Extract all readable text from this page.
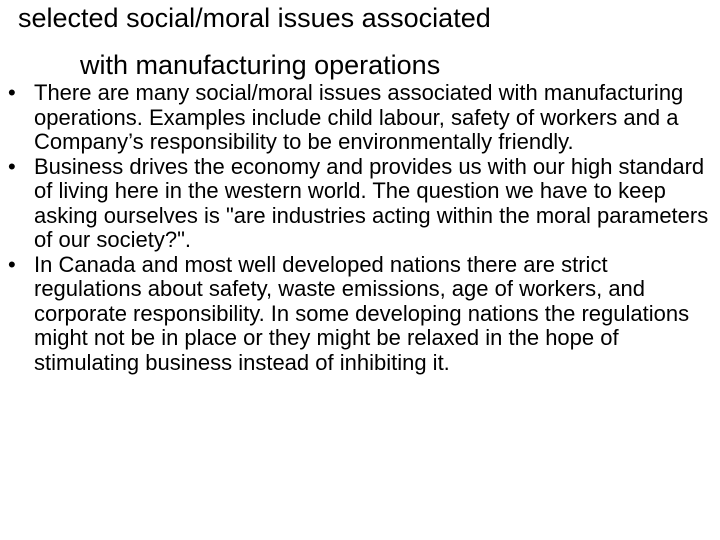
selected social/moral issues associated
with manufacturing operations
• There are many social/moral issues associated with manufacturing operations. Examples include child labour, safety of workers and a Company’s responsibility to be environmentally friendly.
• Business drives the economy and provides us with our high standard of living here in the western world. The question we have to keep asking ourselves is "are industries acting within the moral parameters of our society?".
• In Canada and most well developed nations there are strict regulations about safety, waste emissions, age of workers, and corporate responsibility. In some developing nations the regulations might not be in place or they might be relaxed in the hope of stimulating business instead of inhibiting it.
